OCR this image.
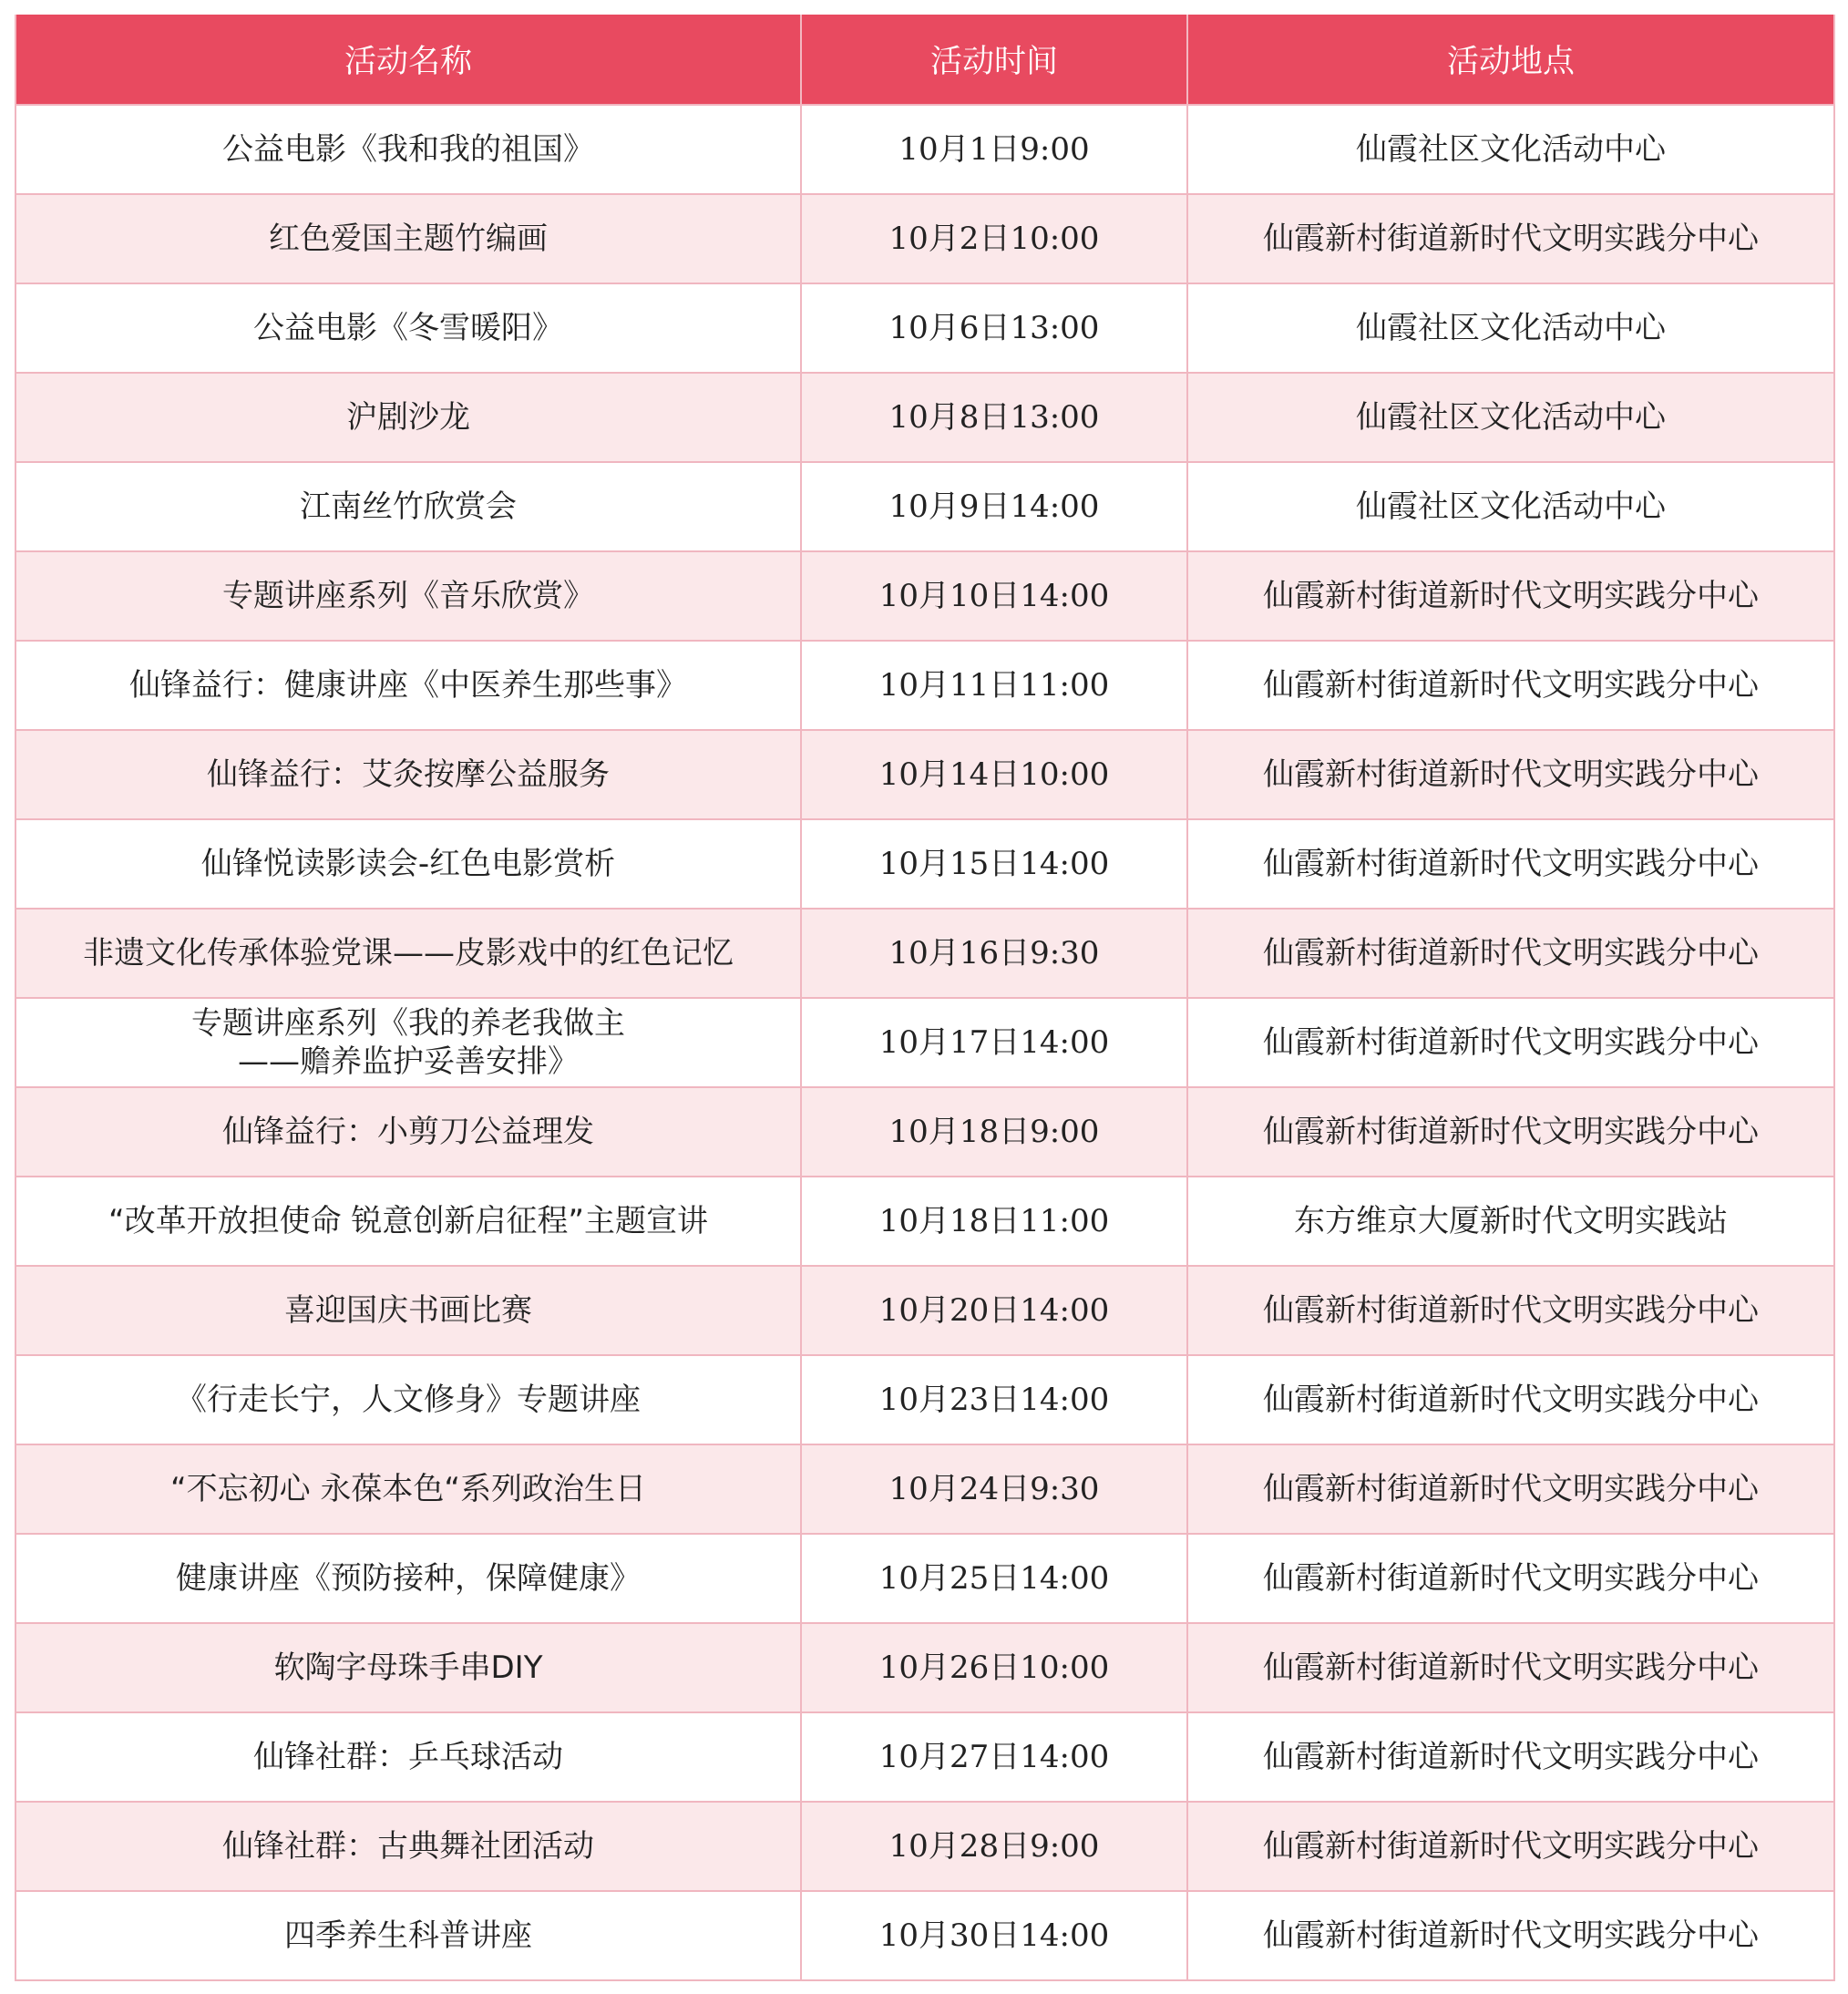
活动名称	活动时间	活动地点

公益电影《我和我的祖国》	10月1日9:00	仙霞社区文化活动中心

红色爱国主题竹编画	10月2日10:00	仙霞新村街道新时代文明实践分中心

公益电影《冬雪暖阳》	10月6日13:00	仙霞社区文化活动中心

沪剧沙龙	10月8日13:00	仙霞社区文化活动中心

江南丝竹欣赏会	10月9日14:00	仙霞社区文化活动中心

专题讲座系列《音乐欣赏》	10月10日14:00	仙霞新村街道新时代文明实践分中心

仙锋益行：健康讲座《中医养生那些事》	10月11日11:00	仙霞新村街道新时代文明实践分中心

仙锋益行：艾灸按摩公益服务	10月14日10:00	仙霞新村街道新时代文明实践分中心

仙锋悦读影读会-红色电影赏析	10月15日14:00	仙霞新村街道新时代文明实践分中心

非遗文化传承体验党课——皮影戏中的红色记忆	10月16日9:30	仙霞新村街道新时代文明实践分中心

专题讲座系列《我的养老我做主
——赡养监护妥善安排》	10月17日14:00	仙霞新村街道新时代文明实践分中心

仙锋益行：小剪刀公益理发	10月18日9:00	仙霞新村街道新时代文明实践分中心

“改革开放担使命 锐意创新启征程”主题宣讲	10月18日11:00	东方维京大厦新时代文明实践站

喜迎国庆书画比赛	10月20日14:00	仙霞新村街道新时代文明实践分中心

《行走长宁，人文修身》专题讲座	10月23日14:00	仙霞新村街道新时代文明实践分中心

“不忘初心 永葆本色“系列政治生日	10月24日9:30	仙霞新村街道新时代文明实践分中心

健康讲座《预防接种，保障健康》	10月25日14:00	仙霞新村街道新时代文明实践分中心

软陶字母珠手串DIY	10月26日10:00	仙霞新村街道新时代文明实践分中心

仙锋社群：乒乓球活动	10月27日14:00	仙霞新村街道新时代文明实践分中心

仙锋社群：古典舞社团活动	10月28日9:00	仙霞新村街道新时代文明实践分中心

四季养生科普讲座	10月30日14:00	仙霞新村街道新时代文明实践分中心
